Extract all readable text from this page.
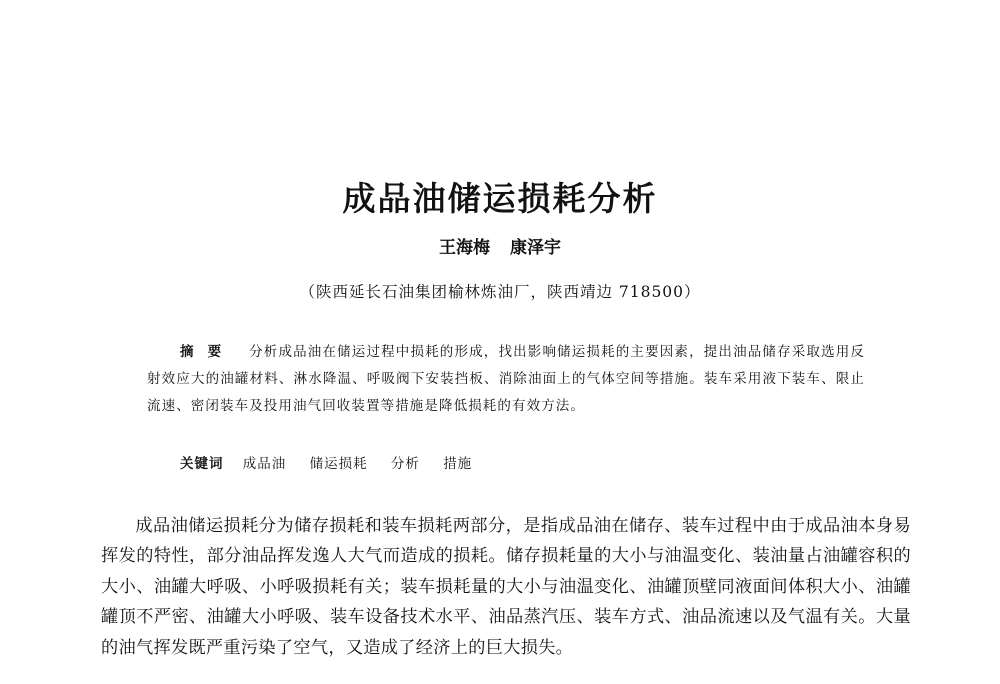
成品油储运损耗分析
王海梅 康泽宇
（陕西延长石油集团榆林炼油厂，陕西靖边 718500）
摘要 分析成品油在储运过程中损耗的形成，找出影响储运损耗的主要因素，提出油品储存采取选用反射效应大的油罐材料、淋水降温、呼吸阀下安装挡板、消除油面上的气体空间等措施。装车采用液下装车、限止流速、密闭装车及投用油气回收装置等措施是降低损耗的有效方法。
关键词 成品油 储运损耗 分析 措施

成品油储运损耗分为储存损耗和装车损耗两部分，是指成品油在储存、装车过程中由于成品油本身易挥发的特性，部分油品挥发逸人大气而造成的损耗。储存损耗量的大小与油温变化、装油量占油罐容积的大小、油罐大呼吸、小呼吸损耗有关；装车损耗量的大小与油温变化、油罐顶壁同液面间体积大小、油罐罐顶不严密、油罐大小呼吸、装车设备技术水平、油品蒸汽压、装车方式、油品流速以及气温有关。大量的油气挥发既严重污染了空气，又造成了经济上的巨大损失。
